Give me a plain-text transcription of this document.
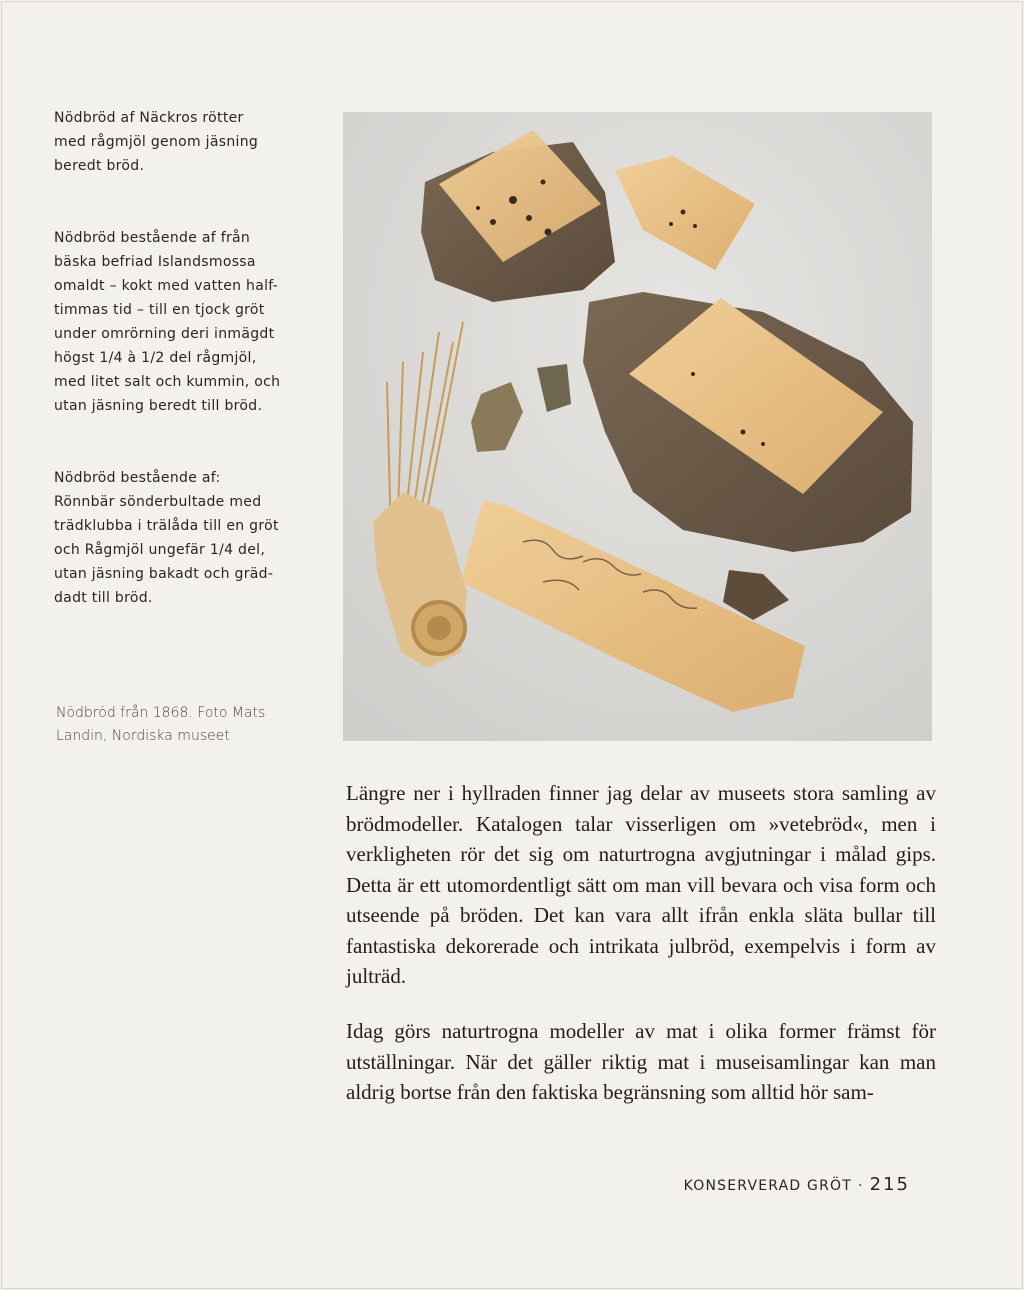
Nödbröd af Näckros rötter
med rågmjöl genom jäsning
beredt bröd.

Nödbröd bestående af från
bäska befriad Islandsmossa
omaldt – kokt med vatten half-
timmas tid – till en tjock gröt
under omrörning deri inmägdt
högst 1/4 à 1/2 del rågmjöl,
med litet salt och kummin, och
utan jäsning beredt till bröd.

Nödbröd bestående af:
Rönnbär sönderbultade med
trädklubba i trälåda till en gröt
och Rågmjöl ungefär 1/4 del,
utan jäsning bakadt och gräd-
dadt till bröd.

Nödbröd från 1868. Foto Mats
Landin, Nordiska museet

Längre ner i hyllraden finner jag delar av museets stora samling av brödmodeller. Katalogen talar visserligen om »vetebröd«, men i verkligheten rör det sig om naturtrogna avgjutningar i målad gips. Detta är ett utomordentligt sätt om man vill bevara och visa form och utseende på bröden. Det kan vara allt ifrån enkla släta bullar till fantastiska dekorerade och intrikata julbröd, exempelvis i form av julträd.

Idag görs naturtrogna modeller av mat i olika former främst för utställningar. När det gäller riktig mat i museisamlingar kan man aldrig bortse från den faktiska begränsning som alltid hör sam-

KONSERVERAD GRÖT · 215
